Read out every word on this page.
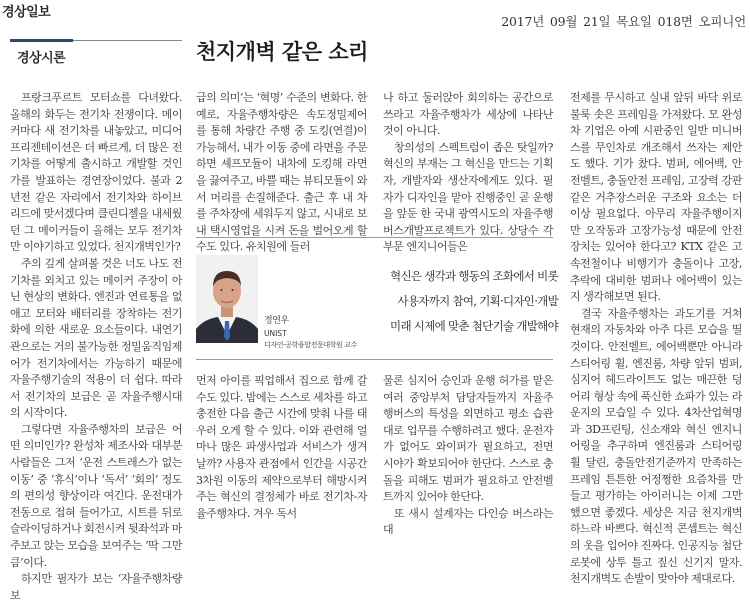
경상일보
2017년 09월 21일 목요일 018면 오피니언
경상시론	천지개벽 같은 소리

프랑크푸르트 모터쇼를 다녀왔다. 올해의 화두는 전기차 전쟁이다. 메이커마다 새 전기차를 내놓았고, 미디어프리젠테이션은 더 빠르게, 더 많은 전기차를 어떻게 출시하고 개발할 것인가를 발표하는 경연장이었다. 불과 2년전 같은 자리에서 전기차와 하이브리드에 맞서겠다며 클린디젤을 내세웠던 그 메이커들이 올해는 모두 전기차만 이야기하고 있었다. 천지개벽인가?

주의 깊게 살펴볼 것은 너도 나도 전기차를 외치고 있는 메이커 주장이 아닌 현상의 변화다. 엔진과 연료통을 없애고 모터와 배터리를 장착하는 전기화에 의한 새로운 요소들이다. 내연기관으로는 거의 불가능한 정밀움직임제어가 전기차에서는 가능하기 때문에 자율주행기술의 적용이 더 쉽다. 따라서 전기차의 보급은 곧 자율주행시대의 시작이다.

그렇다면 자율주행차의 보급은 어떤 의미인가? 완성차 제조사와 대부분 사람들은 그저 ‘운전 스트레스가 없는 이동’ 중 ‘휴식’이나 ‘독서’ ‘회의’ 정도의 편의성 향상이라 여긴다. 운전대가 전동으로 접혀 들어가고, 시트를 뒤로 슬라이딩하거나 회전시켜 뒷좌석과 마주보고 앉는 모습을 보여주는 ‘딱 그만큼’이다.

하지만 필자가 보는 ‘자율주행차량 보

급의 의미’는 ‘혁명’ 수준의 변화다. 한 예로, 자율주행차량은 속도정밀제어를 통해 차량간 주행 중 도킹(연결)이 가능해서, 내가 이동 중에 라면을 주문하면 셰프모듈이 내차에 도킹해 라면을 끓여주고, 바쁠 때는 뷰티모듈이 와서 머리를 손질해준다. 출근 후 내 차를 주차장에 세워두지 않고, 시내로 보내 택시영업을 시켜 돈을 벌어오게 할 수도 있다. 유치원에 들러

나 하고 둘러앉아 회의하는 공간으로 쓰라고 자율주행차가 세상에 나타난 것이 아니다.

창의성의 스펙트럼이 좁은 탓일까? 혁신의 부재는 그 혁신을 만드는 기획자, 개발자와 생산자에게도 있다. 필자가 디자인을 맡아 진행중인 곧 운행을 앞둔 한 국내 광역시도의 자율주행버스개발프로젝트가 있다. 상당수 각 부문 엔지니어들은

정연우
UNIST
디자인-공학융합전문대학원 교수
혁신은 생각과 행동의 조화에서 비롯
사용자까지 참여, 기획·디자인·개발
미래 시제에 맞춘 첨단기술 개발해야

먼저 아이를 픽업해서 집으로 함께 갈 수도 있다. 밤에는 스스로 세차를 하고 충전한 다음 출근 시간에 맞춰 나를 태우러 오게 할 수 있다. 이와 관련해 얼마나 많은 파생사업과 서비스가 생겨날까? 사용자 관점에서 인간을 시공간 3차원 이동의 제약으로부터 해방시켜주는 혁신의 결정체가 바로 전기차-자율주행차다. 겨우 독서

물론 심지어 승인과 운행 허가를 맡은 여러 중앙부처 담당자들까지 자율주행버스의 특성을 외면하고 평소 습관대로 업무를 수행하려고 했다. 운전자가 없어도 와이퍼가 필요하고, 전면 시야가 확보되어야 한단다. 스스로 충돌을 피해도 범퍼가 필요하고 안전벨트까지 있어야 한단다.

또 새시 설계자는 다인승 버스라는 대

전제를 무시하고 실내 앞뒤 바닥 위로 불룩 솟은 프레임을 가져왔다. 모 완성차 기업은 아예 시판중인 일반 미니버스를 무인차로 개조해서 쓰자는 제안도 했다. 기가 찼다. 범퍼, 에어백, 안전벨트, 충돌안전 프레임, 고장력 강판같은 거추장스러운 구조와 요소는 더 이상 필요없다. 아무리 자율주행이지만 오작동과 고장가능성 때문에 안전장치는 있어야 한다고? KTX 같은 고속전철이나 비행기가 충돌이나 고장, 추락에 대비한 범퍼나 에어백이 있는지 생각해보면 된다.

결국 자율주행차는 과도기를 거쳐 현재의 자동차와 아주 다른 모습을 띨 것이다. 안전벨트, 에어백뿐만 아니라 스티어링 휠, 엔진룸, 차량 앞뒤 범퍼, 심지어 헤드라이트도 없는 매끈한 덩어리 형상 속에 푹신한 쇼파가 있는 라운지의 모습일 수 있다. 4차산업혁명과 3D프린팅, 신소재와 혁신 엔지니어링을 추구하며 엔진룸과 스티어링 휠 달린, 충돌안전기준까지 만족하는 프레임 튼튼한 어정쩡한 요즘차를 만들고 평가하는 아이러니는 이제 그만했으면 좋겠다. 세상은 지금 천지개벽하느라 바쁘다. 혁신적 콘셉트는 혁신의 옷을 입어야 진짜다. 인공지능 첨단 로봇에 상투 틀고 짚신 신기지 말자. 천지개벽도 손발이 맞아야 제대로다.
